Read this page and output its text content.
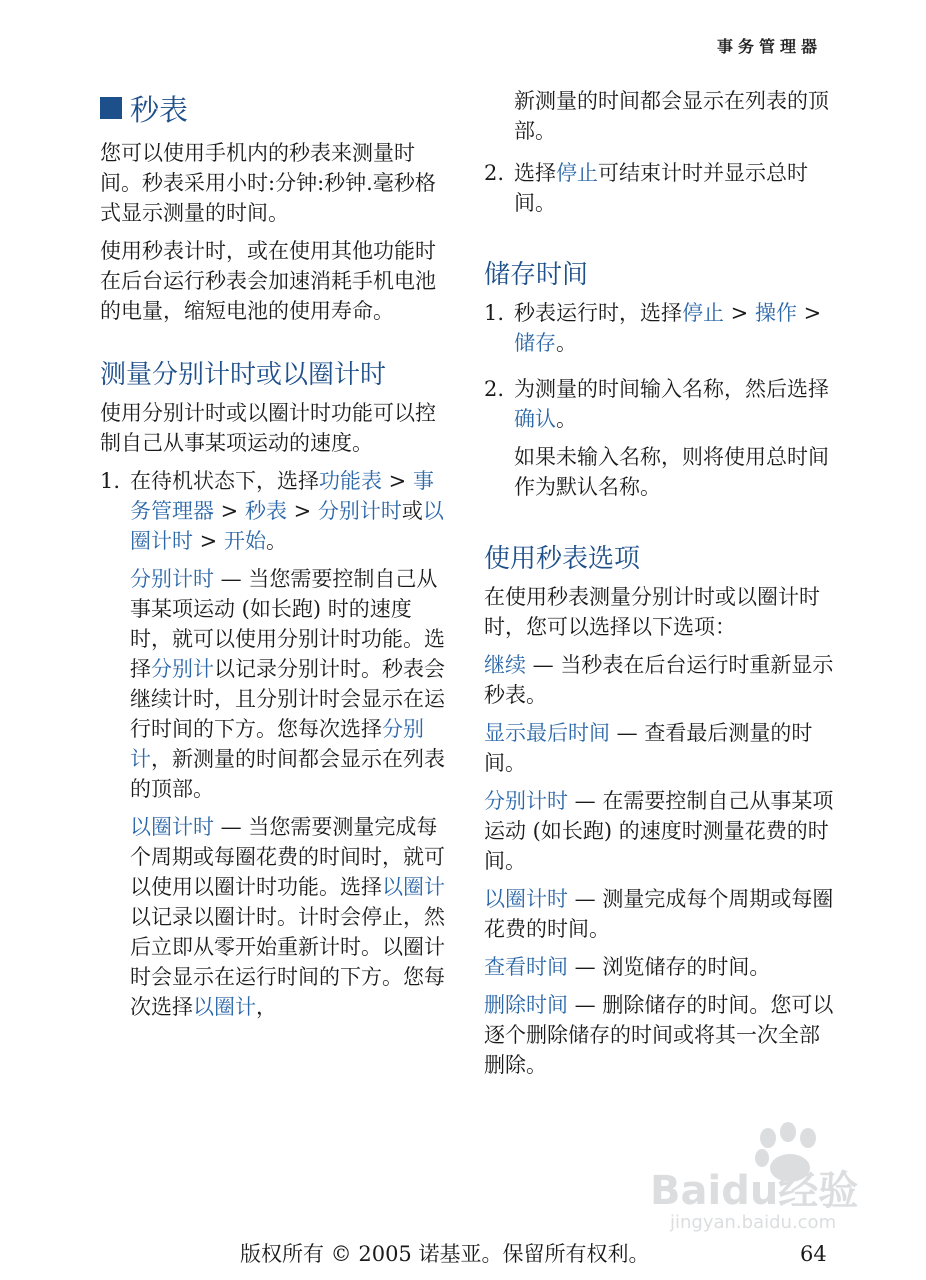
事务管理器
秒表

您可以使用手机内的秒表来测量时间。秒表采用小时:分钟:秒钟.毫秒格式显示测量的时间。

使用秒表计时，或在使用其他功能时在后台运行秒表会加速消耗手机电池的电量，缩短电池的使用寿命。

测量分别计时或以圈计时

使用分别计时或以圈计时功能可以控制自己从事某项运动的速度。

1. 在待机状态下，选择功能表 > 事务管理器 > 秒表 > 分别计时或以圈计时 > 开始。

分别计时 — 当您需要控制自己从事某项运动 (如长跑) 时的速度时，就可以使用分别计时功能。选择分别计以记录分别计时。秒表会继续计时，且分别计时会显示在运行时间的下方。您每次选择分别计，新测量的时间都会显示在列表的顶部。

以圈计时 — 当您需要测量完成每个周期或每圈花费的时间时，就可以使用以圈计时功能。选择以圈计以记录以圈计时。计时会停止，然后立即从零开始重新计时。以圈计时会显示在运行时间的下方。您每次选择以圈计，

新测量的时间都会显示在列表的顶部。

2. 选择停止可结束计时并显示总时间。

储存时间
1. 秒表运行时，选择停止 > 操作 > 储存。

2. 为测量的时间输入名称，然后选择确认。

如果未输入名称，则将使用总时间作为默认名称。

使用秒表选项

在使用秒表测量分别计时或以圈计时时，您可以选择以下选项：

继续 — 当秒表在后台运行时重新显示秒表。

显示最后时间 — 查看最后测量的时间。

分别计时 — 在需要控制自己从事某项运动 (如长跑) 的速度时测量花费的时间。

以圈计时 — 测量完成每个周期或每圈花费的时间。

查看时间 — 浏览储存的时间。

删除时间 — 删除储存的时间。您可以逐个删除储存的时间或将其一次全部删除。

版权所有 © 2005 诺基亚。保留所有权利。	64
Baidu经验
jingyan.baidu.com
